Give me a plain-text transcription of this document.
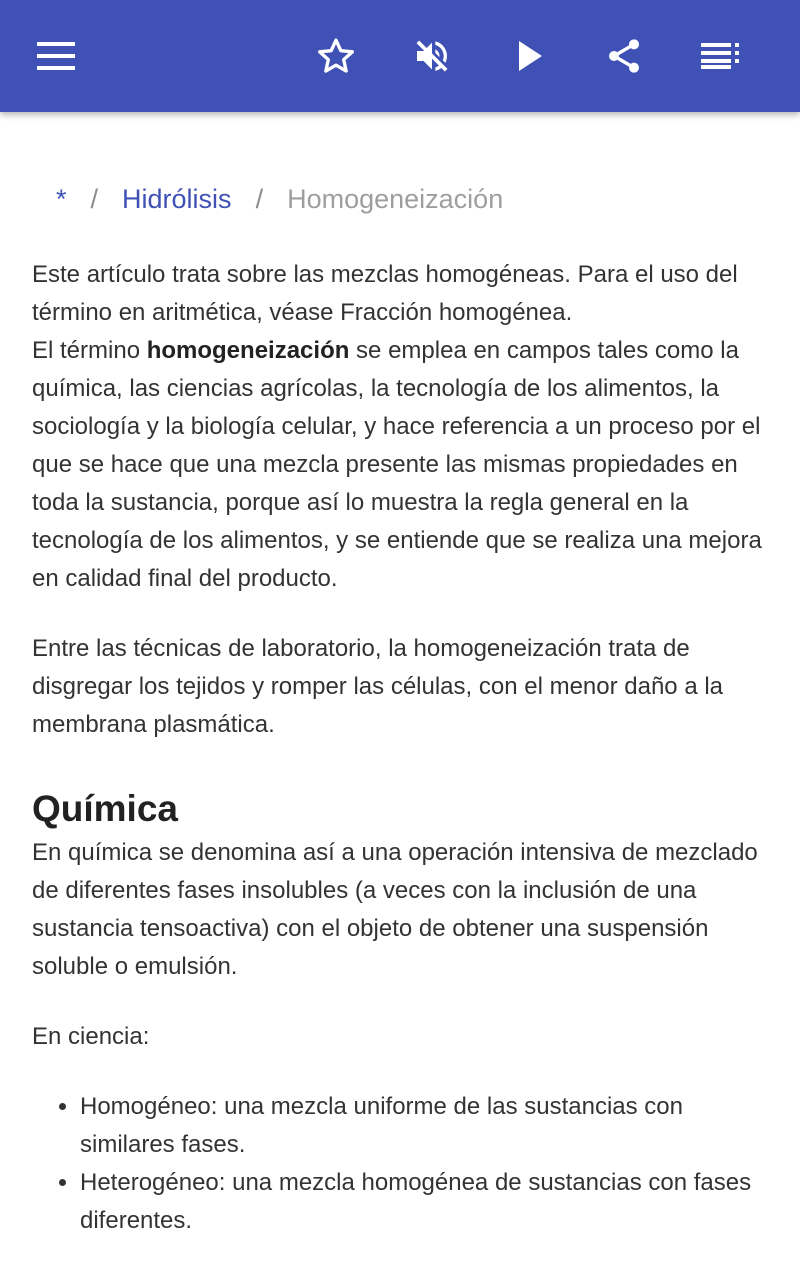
* / Hidrólisis / Homogeneización

Este artículo trata sobre las mezclas homogéneas. Para el uso del término en aritmética, véase Fracción homogénea.

El término homogeneización se emplea en campos tales como la química, las ciencias agrícolas, la tecnología de los alimentos, la sociología y la biología celular, y hace referencia a un proceso por el que se hace que una mezcla presente las mismas propiedades en toda la sustancia, porque así lo muestra la regla general en la tecnología de los alimentos, y se entiende que se realiza una mejora en calidad final del producto.

Entre las técnicas de laboratorio, la homogeneización trata de disgregar los tejidos y romper las células, con el menor daño a la membrana plasmática.

Química

En química se denomina así a una operación intensiva de mezclado de diferentes fases insolubles (a veces con la inclusión de una sustancia tensoactiva) con el objeto de obtener una suspensión soluble o emulsión.

En ciencia:

• Homogéneo: una mezcla uniforme de las sustancias con similares fases.
• Heterogéneo: una mezcla homogénea de sustancias con fases diferentes.
